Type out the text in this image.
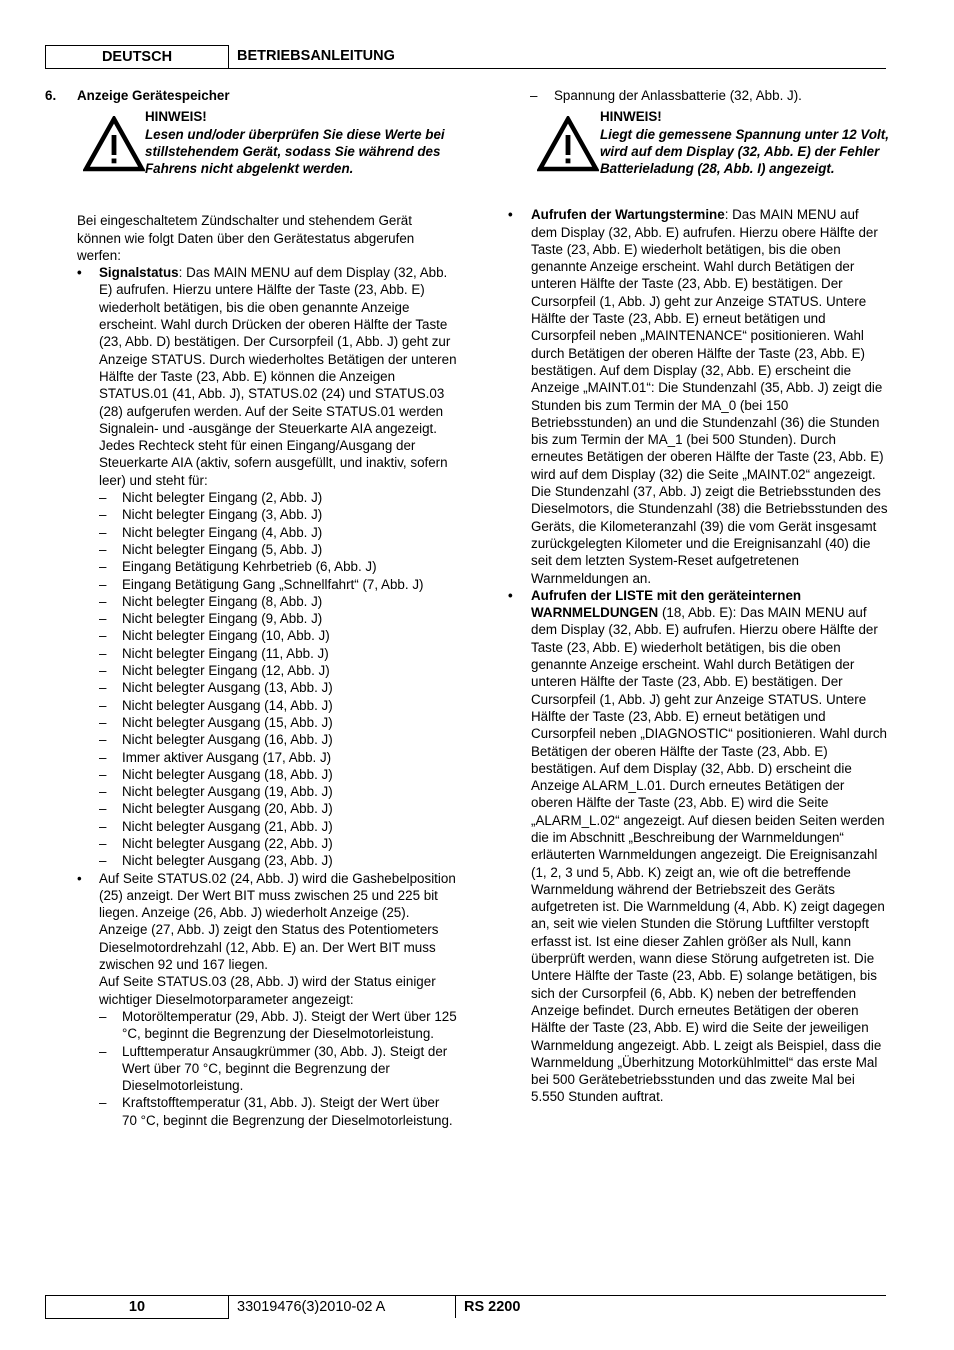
DEUTSCH	BETRIEBSANLEITUNG

6. Anzeige Gerätespeicher

HINWEIS!
Lesen und/oder überprüfen Sie diese Werte bei stillstehendem Gerät, sodass Sie während des Fahrens nicht abgelenkt werden.

Bei eingeschaltetem Zündschalter und stehendem Gerät können wie folgt Daten über den Gerätestatus abgerufen werfen:

• Signalstatus: Das MAIN MENU auf dem Display (32, Abb. E) aufrufen. Hierzu untere Hälfte der Taste (23, Abb. E) wiederholt betätigen, bis die oben genannte Anzeige erscheint. Wahl durch Drücken der oberen Hälfte der Taste (23, Abb. D) bestätigen. Der Cursorpfeil (1, Abb. J) geht zur Anzeige STATUS. Durch wiederholtes Betätigen der unteren Hälfte der Taste (23, Abb. E) können die Anzeigen STATUS.01 (41, Abb. J), STATUS.02 (24) und STATUS.03 (28) aufgerufen werden. Auf der Seite STATUS.01 werden Signalein- und -ausgänge der Steuerkarte AIA angezeigt. Jedes Rechteck steht für einen Eingang/Ausgang der Steuerkarte AIA (aktiv, sofern ausgefüllt, und inaktiv, sofern leer) und steht für:
– Nicht belegter Eingang (2, Abb. J)
– Nicht belegter Eingang (3, Abb. J)
– Nicht belegter Eingang (4, Abb. J)
– Nicht belegter Eingang (5, Abb. J)
– Eingang Betätigung Kehrbetrieb (6, Abb. J)
– Eingang Betätigung Gang „Schnellfahrt“ (7, Abb. J)
– Nicht belegter Eingang (8, Abb. J)
– Nicht belegter Eingang (9, Abb. J)
– Nicht belegter Eingang (10, Abb. J)
– Nicht belegter Eingang (11, Abb. J)
– Nicht belegter Eingang (12, Abb. J)
– Nicht belegter Ausgang (13, Abb. J)
– Nicht belegter Ausgang (14, Abb. J)
– Nicht belegter Ausgang (15, Abb. J)
– Nicht belegter Ausgang (16, Abb. J)
– Immer aktiver Ausgang (17, Abb. J)
– Nicht belegter Ausgang (18, Abb. J)
– Nicht belegter Ausgang (19, Abb. J)
– Nicht belegter Ausgang (20, Abb. J)
– Nicht belegter Ausgang (21, Abb. J)
– Nicht belegter Ausgang (22, Abb. J)
– Nicht belegter Ausgang (23, Abb. J)
• Auf Seite STATUS.02 (24, Abb. J) wird die Gashebelposition (25) anzeigt. Der Wert BIT muss zwischen 25 und 225 bit liegen. Anzeige (26, Abb. J) wiederholt Anzeige (25). Anzeige (27, Abb. J) zeigt den Status des Potentiometers Dieselmotordrehzahl (12, Abb. E) an. Der Wert BIT muss zwischen 92 und 167 liegen.

Auf Seite STATUS.03 (28, Abb. J) wird der Status einiger wichtiger Dieselmotorparameter angezeigt:

– Motoröltemperatur (29, Abb. J). Steigt der Wert über 125 °C, beginnt die Begrenzung der Dieselmotorleistung.
– Lufttemperatur Ansaugkrümmer (30, Abb. J). Steigt der Wert über 70 °C, beginnt die Begrenzung der Dieselmotorleistung.
– Kraftstofftemperatur (31, Abb. J). Steigt der Wert über 70 °C, beginnt die Begrenzung der Dieselmotorleistung.
– Spannung der Anlassbatterie (32, Abb. J).
HINWEIS!
Liegt die gemessene Spannung unter 12 Volt, wird auf dem Display (32, Abb. E) der Fehler Batterieladung (28, Abb. I) angezeigt.
• Aufrufen der Wartungstermine: Das MAIN MENU auf dem Display (32, Abb. E) aufrufen. Hierzu obere Hälfte der Taste (23, Abb. E) wiederholt betätigen, bis die oben genannte Anzeige erscheint. Wahl durch Betätigen der unteren Hälfte der Taste (23, Abb. E) bestätigen. Der Cursorpfeil (1, Abb. J) geht zur Anzeige STATUS. Untere Hälfte der Taste (23, Abb. E) erneut betätigen und Cursorpfeil neben „MAINTENANCE“ positionieren. Wahl durch Betätigen der oberen Hälfte der Taste (23, Abb. E) bestätigen. Auf dem Display (32, Abb. E) erscheint die Anzeige „MAINT.01“: Die Stundenzahl (35, Abb. J) zeigt die Stunden bis zum Termin der MA_0 (bei 150 Betriebsstunden) an und die Stundenzahl (36) die Stunden bis zum Termin der MA_1 (bei 500 Stunden). Durch erneutes Betätigen der oberen Hälfte der Taste (23, Abb. E) wird auf dem Display (32) die Seite „MAINT.02“ angezeigt. Die Stundenzahl (37, Abb. J) zeigt die Betriebsstunden des Dieselmotors, die Stundenzahl (38) die Betriebsstunden des Geräts, die Kilometeranzahl (39) die vom Gerät insgesamt zurückgelegten Kilometer und die Ereignisanzahl (40) die seit dem letzten System-Reset aufgetretenen Warnmeldungen an.
• Aufrufen der LISTE mit den geräteinternen WARNMELDUNGEN (18, Abb. E): Das MAIN MENU auf dem Display (32, Abb. E) aufrufen. Hierzu obere Hälfte der Taste (23, Abb. E) wiederholt betätigen, bis die oben genannte Anzeige erscheint. Wahl durch Betätigen der unteren Hälfte der Taste (23, Abb. E) bestätigen. Der Cursorpfeil (1, Abb. J) geht zur Anzeige STATUS. Untere Hälfte der Taste (23, Abb. E) erneut betätigen und Cursorpfeil neben „DIAGNOSTIC“ positionieren. Wahl durch Betätigen der oberen Hälfte der Taste (23, Abb. E) bestätigen. Auf dem Display (32, Abb. D) erscheint die Anzeige ALARM_L.01. Durch erneutes Betätigen der oberen Hälfte der Taste (23, Abb. E) wird die Seite „ALARM_L.02“ angezeigt. Auf diesen beiden Seiten werden die im Abschnitt „Beschreibung der Warnmeldungen“ erläuterten Warnmeldungen angezeigt. Die Ereignisanzahl (1, 2, 3 und 5, Abb. K) zeigt an, wie oft die betreffende Warnmeldung während der Betriebszeit des Geräts aufgetreten ist. Die Warnmeldung (4, Abb. K) zeigt dagegen an, seit wie vielen Stunden die Störung Luftfilter verstopft erfasst ist. Ist eine dieser Zahlen größer als Null, kann überprüft werden, wann diese Störung aufgetreten ist. Die Untere Hälfte der Taste (23, Abb. E) solange betätigen, bis sich der Cursorpfeil (6, Abb. K) neben der betreffenden Anzeige befindet. Durch erneutes Betätigen der oberen Hälfte der Taste (23, Abb. E) wird die Seite der jeweiligen Warnmeldung angezeigt. Abb. L zeigt als Beispiel, dass die Warnmeldung „Überhitzung Motorkühlmittel“ das erste Mal bei 500 Gerätebetriebsstunden und das zweite Mal bei 5.550 Stunden auftrat.
10	33019476(3)2010-02 A	RS 2200
